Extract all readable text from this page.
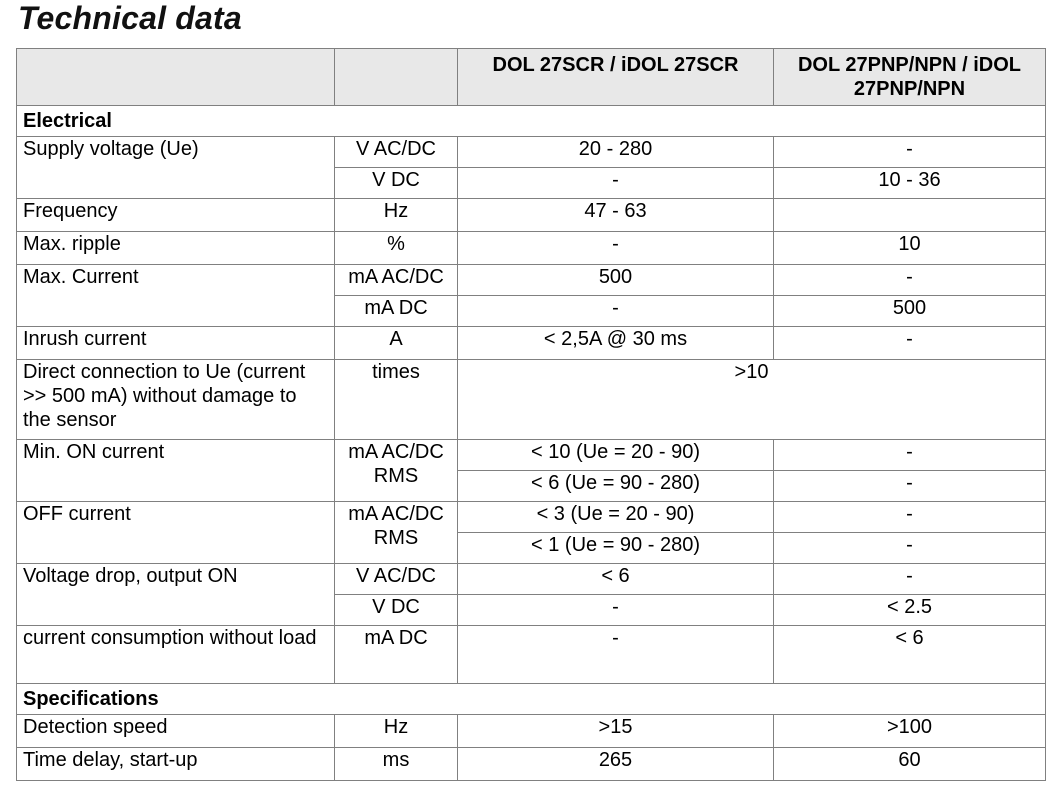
Technical data
		DOL 27SCR / iDOL 27SCR	DOL 27PNP/NPN / iDOL 27PNP/NPN
Electrical			
Supply voltage (Ue)	V AC/DC	20 - 280	-
	V DC	-	10 - 36
Frequency	Hz	47 - 63	
Max. ripple	%	-	10
Max. Current	mA AC/DC	500	-
	mA DC	-	500
Inrush current	A	< 2,5A @ 30 ms	-
Direct connection to Ue (current >> 500 mA) without damage to the sensor	times	>10	
Min. ON current	mA AC/DC RMS	< 10 (Ue = 20 - 90)	-
		< 6 (Ue = 90 - 280)	-
OFF current	mA AC/DC RMS	< 3 (Ue = 20 - 90)	-
		< 1 (Ue = 90 - 280)	-
Voltage drop, output ON	V AC/DC	< 6	-
	V DC	-	< 2.5
current consumption without load	mA DC	-	< 6
Specifications			
Detection speed	Hz	>15	>100
Time delay, start-up	ms	265	60
